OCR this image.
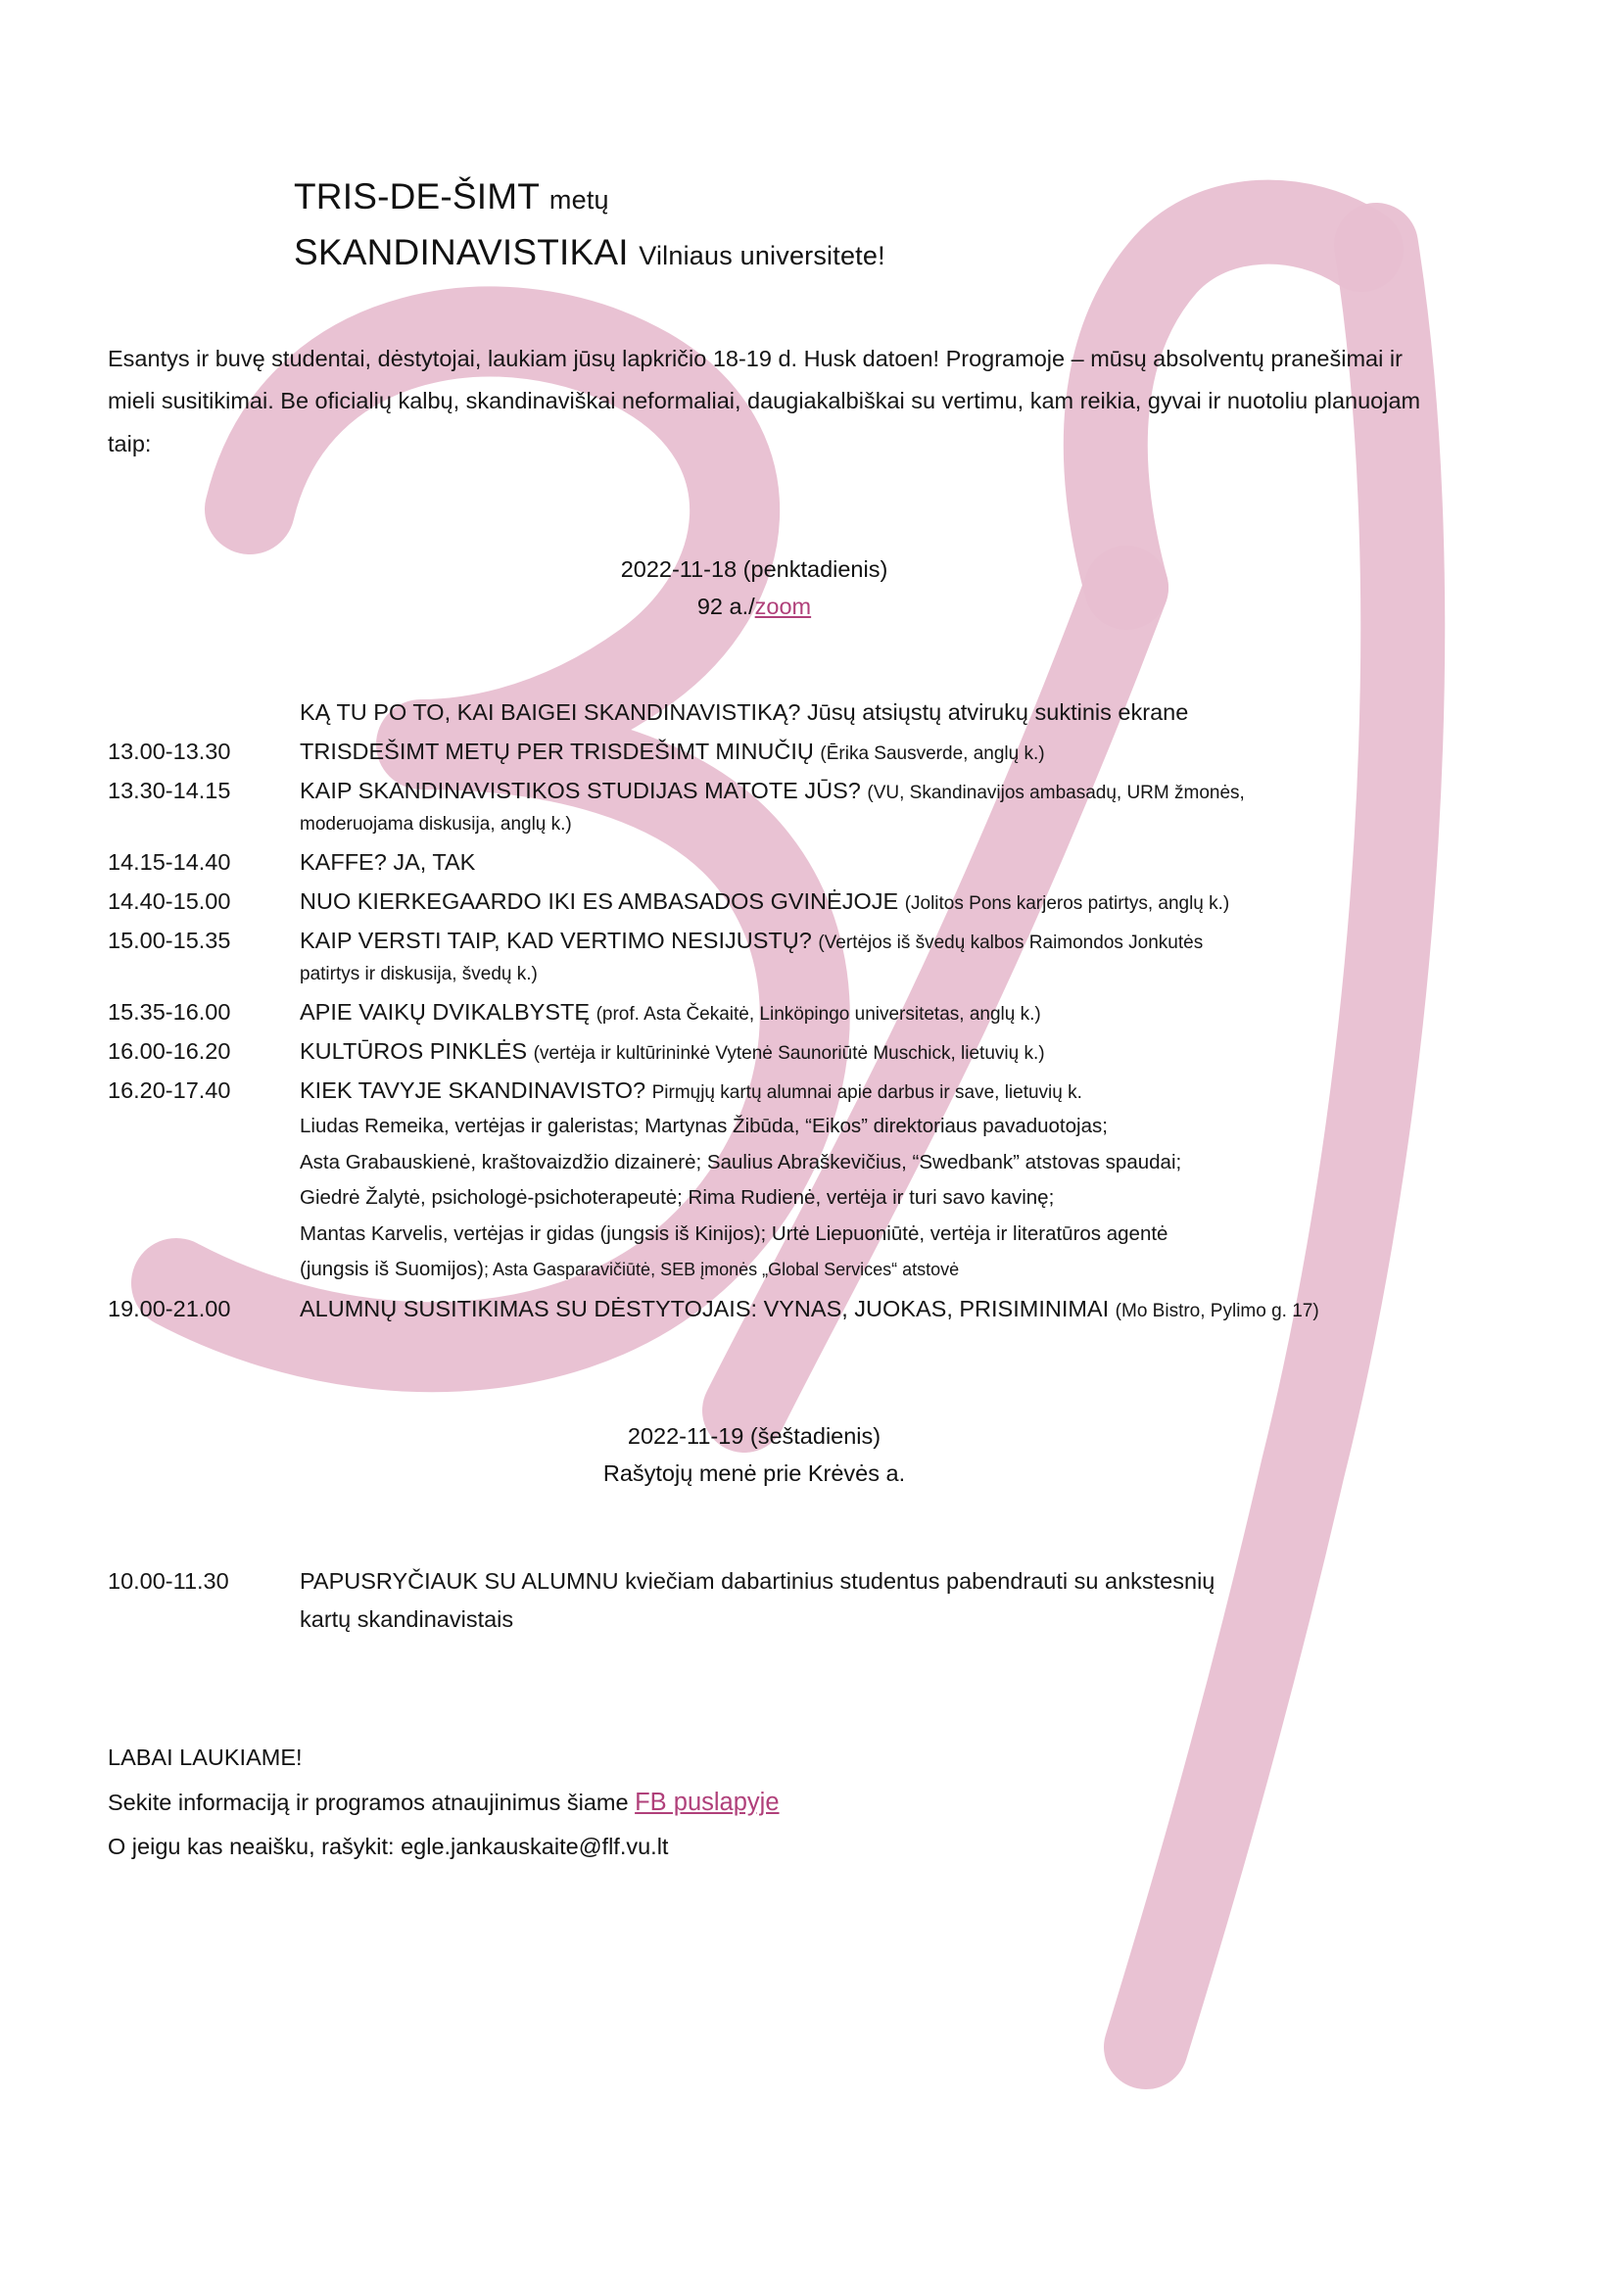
TRIS-DE-ŠIMT metų
SKANDINAVISTIKAI Vilniaus universitete!
Esantys ir buvę studentai, dėstytojai, laukiam jūsų lapkričio 18-19 d. Husk datoen! Programoje – mūsų absolventų pranešimai ir mieli susitikimai. Be oficialių kalbų, skandinaviškai neformaliai, daugiakalbiškai su vertimu, kam reikia, gyvai ir nuotoliu planuojam taip:
2022-11-18 (penktadienis)
92 a./zoom
KĄ TU PO TO, KAI BAIGEI SKANDINAVISTIKĄ? Jūsų atsiųstų atvirukų suktinis ekrane
13.00-13.30	TRISDEŠIMT METŲ PER TRISDEŠIMT MINUČIŲ (Ērika Sausverde, anglų k.)
13.30-14.15	KAIP SKANDINAVISTIKOS STUDIJAS MATOTE JŪS? (VU, Skandinavijos ambasadų, URM žmonės,
moderuojama diskusija, anglų k.)
14.15-14.40	KAFFE? JA, TAK
14.40-15.00	NUO KIERKEGAARDO IKI ES AMBASADOS GVINĖJOJE (Jolitos Pons karjeros patirtys, anglų k.)
15.00-15.35	KAIP VERSTI TAIP, KAD VERTIMO NESIJUSTŲ? (Vertėjos iš švedų kalbos Raimondos Jonkutės
patirtys ir diskusija, švedų k.)
15.35-16.00	APIE VAIKŲ DVIKALBYSTĘ (prof. Asta Čekaitė, Linköpingo universitetas, anglų k.)
16.00-16.20	KULTŪROS PINKLĖS (vertėja ir kultūrininkė Vytenė Saunoriūtė Muschick, lietuvių k.)
16.20-17.40	KIEK TAVYJE SKANDINAVISTO? Pirmųjų kartų alumnai apie darbus ir save, lietuvių k.
Liudas Remeika, vertėjas ir galeristas; Martynas Žibūda, “Eikos” direktoriaus pavaduotojas;
Asta Grabauskienė, kraštovaizdžio dizainerė; Saulius Abraškevičius, “Swedbank” atstovas spaudai;
Giedrė Žalytė, psichologė-psichoterapeutė; Rima Rudienė, vertėja ir turi savo kavinę;
Mantas Karvelis, vertėjas ir gidas (jungsis iš Kinijos); Urtė Liepuoniūtė, vertėja ir literatūros agentė
(jungsis iš Suomijos); Asta Gasparavičiūtė, SEB įmonės „Global Services“ atstovė
19.00-21.00	ALUMNŲ SUSITIKIMAS SU DĖSTYTOJAIS: VYNAS, JUOKAS, PRISIMINIMAI (Mo Bistro, Pylimo g. 17)
2022-11-19 (šeštadienis)
Rašytojų menė prie Krėvės a.
10.00-11.30	PAPUSRYČIAUK SU ALUMNU kviečiam dabartinius studentus pabendrauti su ankstesnių
kartų skandinavistais
LABAI LAUKIAME!
Sekite informaciją ir programos atnaujinimus šiame FB puslapyje
O jeigu kas neaišku, rašykit: egle.jankauskaite@flf.vu.lt
